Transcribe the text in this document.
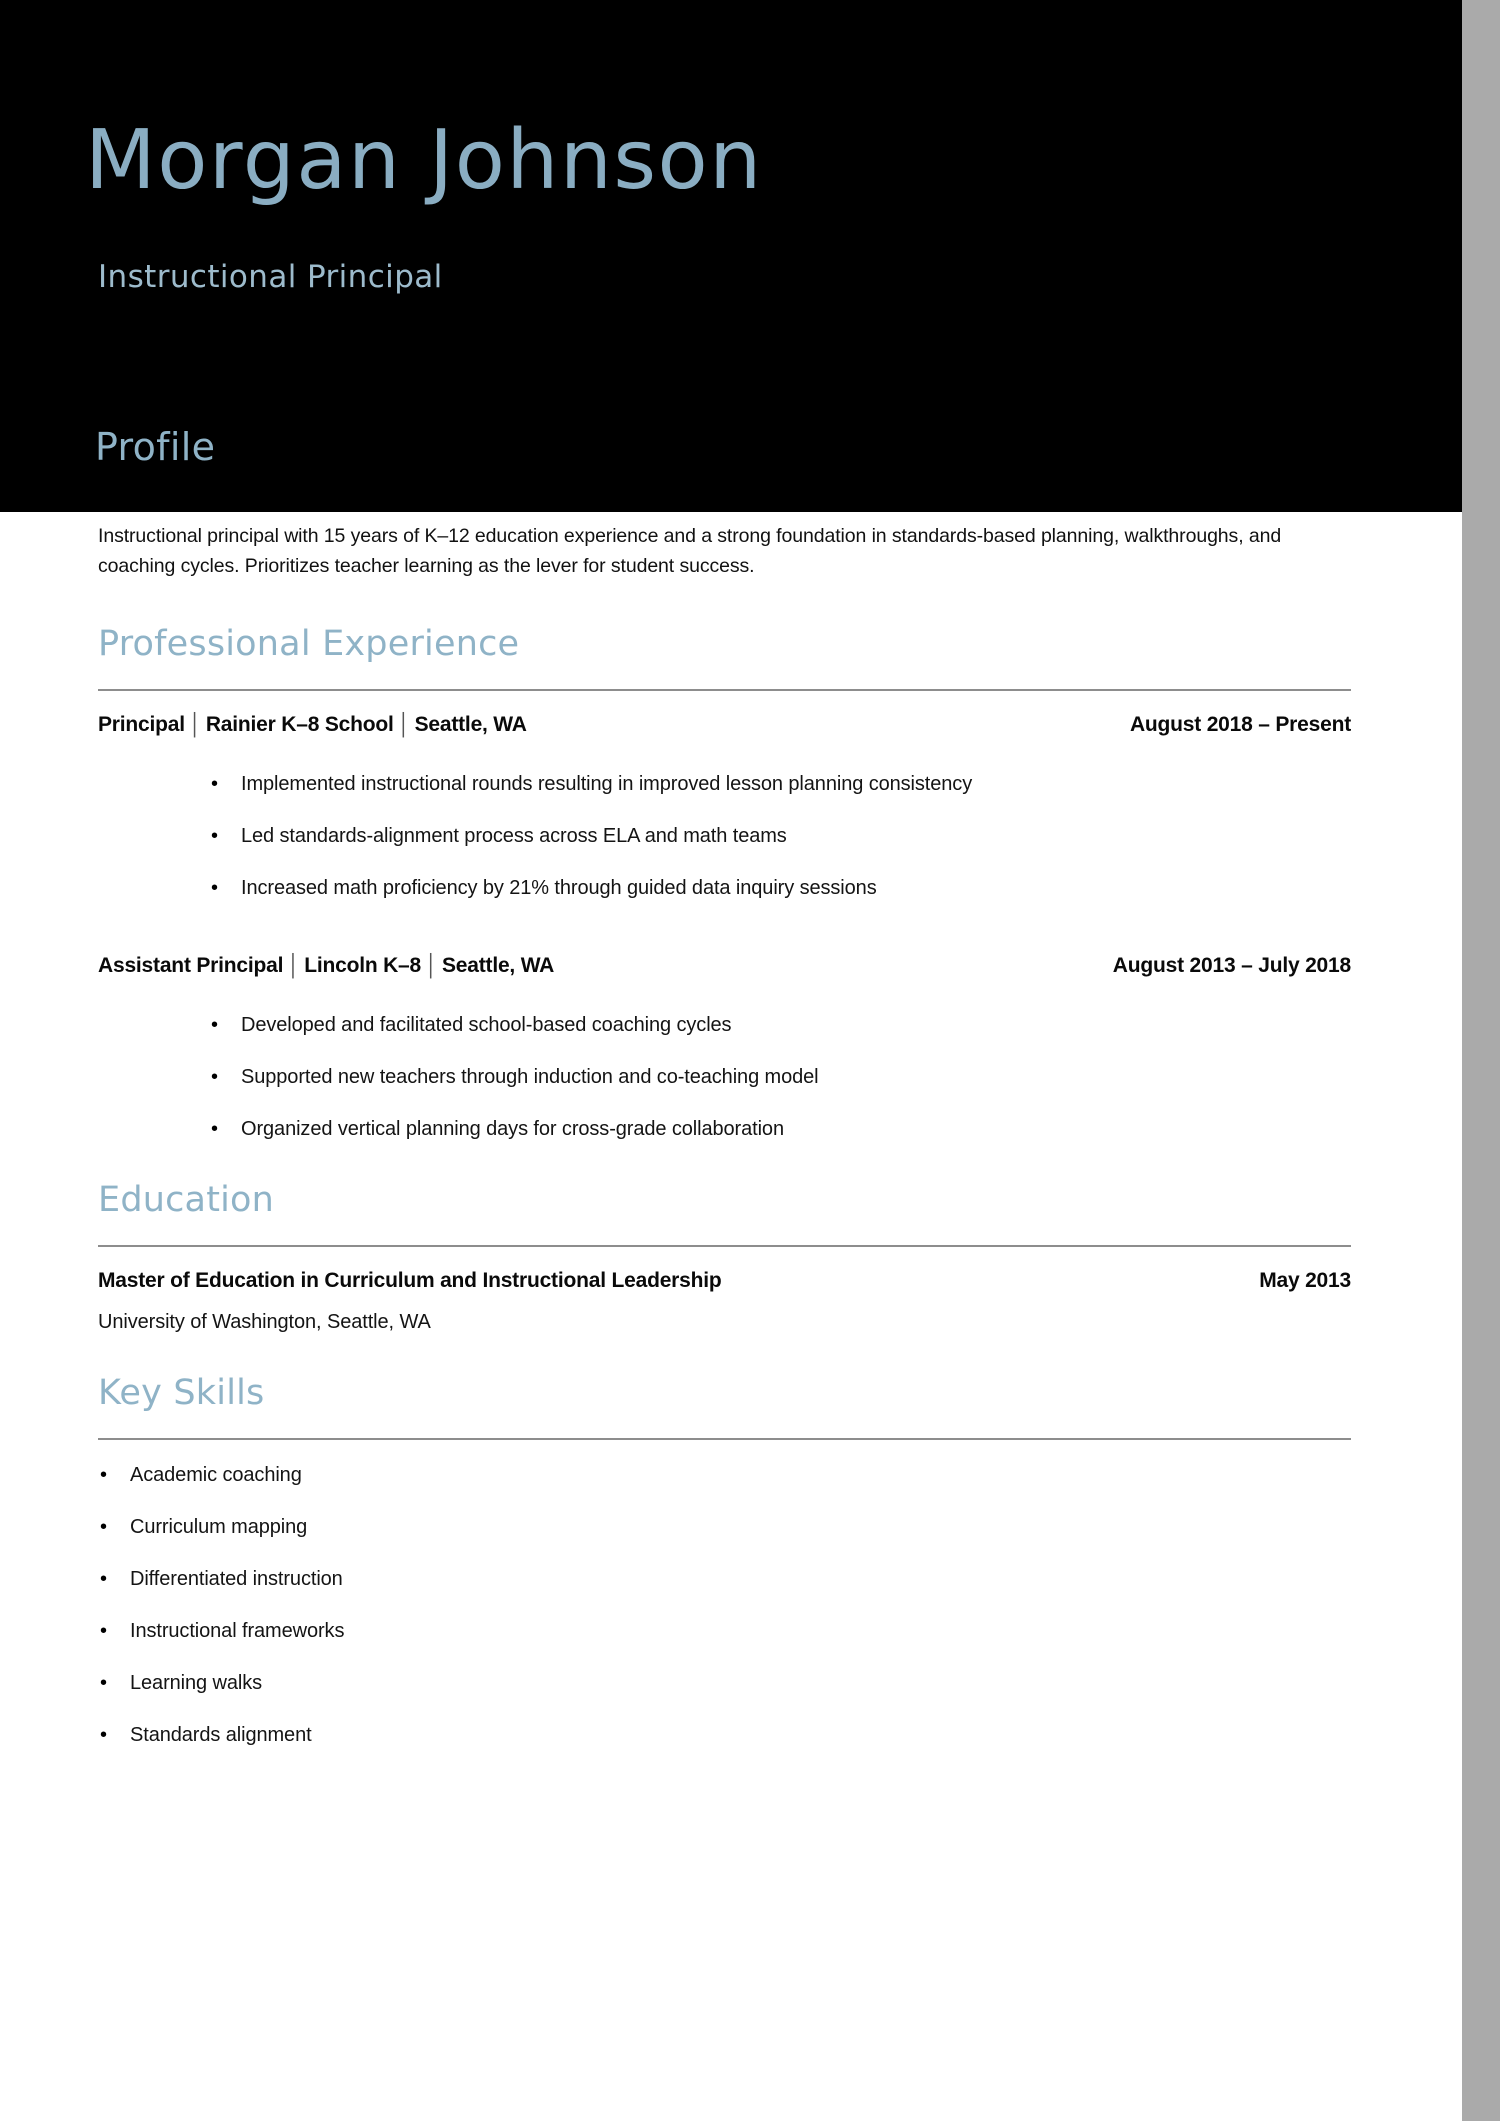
Morgan Johnson
Instructional Principal
Profile
Instructional principal with 15 years of K–12 education experience and a strong foundation in standards-based planning, walkthroughs, and coaching cycles. Prioritizes teacher learning as the lever for student success.
Professional Experience
Principal │ Rainier K–8 School │ Seattle, WA	August 2018 – Present
• Implemented instructional rounds resulting in improved lesson planning consistency
• Led standards-alignment process across ELA and math teams
• Increased math proficiency by 21% through guided data inquiry sessions
Assistant Principal │ Lincoln K–8 │ Seattle, WA	August 2013 – July 2018
• Developed and facilitated school-based coaching cycles
• Supported new teachers through induction and co-teaching model
• Organized vertical planning days for cross-grade collaboration
Education
Master of Education in Curriculum and Instructional Leadership	May 2013
University of Washington, Seattle, WA
Key Skills
• Academic coaching
• Curriculum mapping
• Differentiated instruction
• Instructional frameworks
• Learning walks
• Standards alignment
